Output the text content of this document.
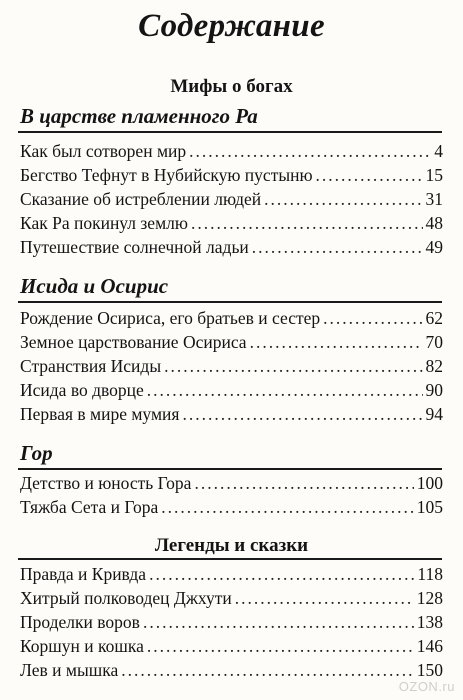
Содержание
Мифы о богах
В царстве пламенного Ра
Как был сотворен мир .....	4
Бегство Тефнут в Нубийскую пустыню .....	15
Сказание об истреблении людей .....	31
Как Ра покинул землю .....	48
Путешествие солнечной ладьи .....	49
Исида и Осирис
Рождение Осириса, его братьев и сестер .....	62
Земное царствование Осириса .....	70
Странствия Исиды .....	82
Исида во дворце .....	90
Первая в мире мумия .....	94
Гор
Детство и юность Гора .....	100
Тяжба Сета и Гора .....	105
Легенды и сказки
Правда и Кривда .....	118
Хитрый полководец Джхути .....	128
Проделки воров .....	138
Коршун и кошка .....	146
Лев и мышка .....	150
OZON.ru
